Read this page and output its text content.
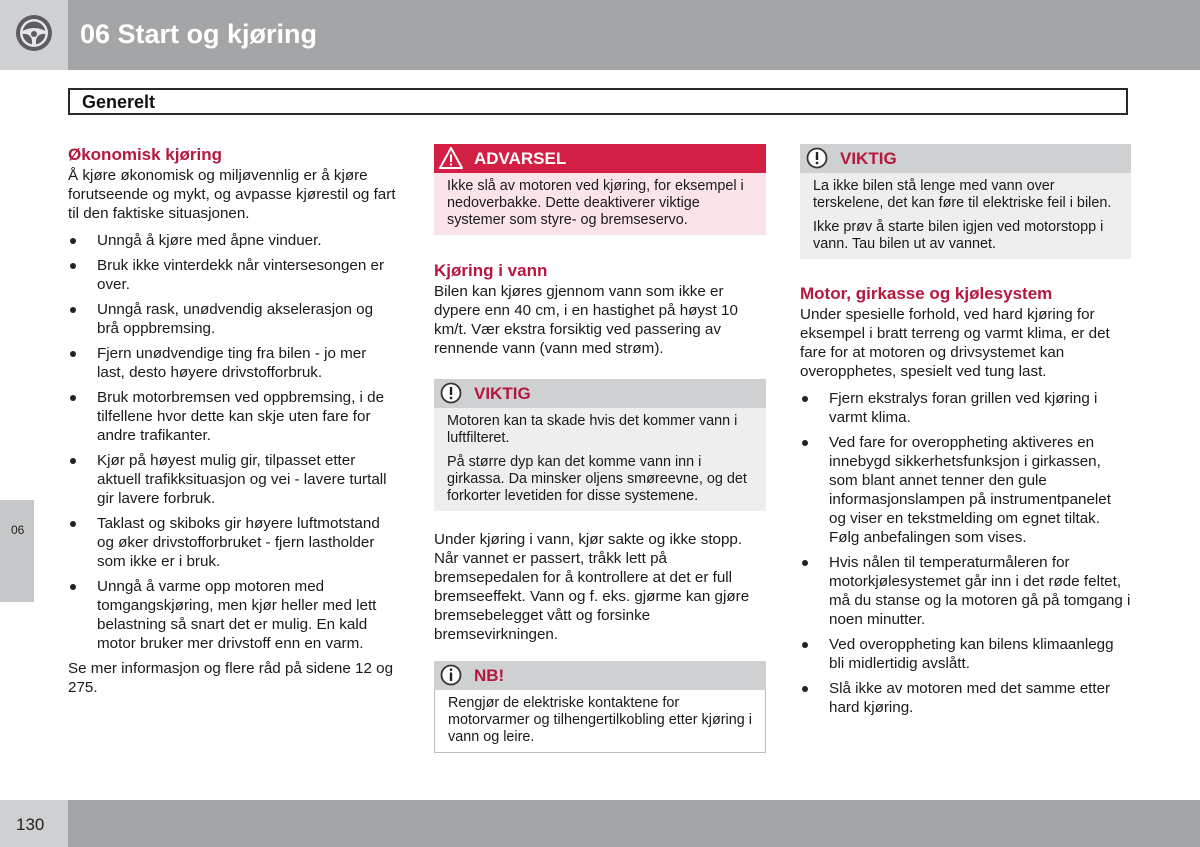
06 Start og kjøring
Generelt
06
Økonomisk kjøring

Å kjøre økonomisk og miljøvennlig er å kjøre forutseende og mykt, og avpasse kjørestil og fart til den faktiske situasjonen.

Unngå å kjøre med åpne vinduer.
Bruk ikke vinterdekk når vintersesongen er over.
Unngå rask, unødvendig akselerasjon og brå oppbremsing.
Fjern unødvendige ting fra bilen - jo mer last, desto høyere drivstofforbruk.
Bruk motorbremsen ved oppbremsing, i de tilfellene hvor dette kan skje uten fare for andre trafikanter.
Kjør på høyest mulig gir, tilpasset etter aktuell trafikksituasjon og vei - lavere turtall gir lavere forbruk.
Taklast og skiboks gir høyere luftmotstand og øker drivstofforbruket - fjern lastholder som ikke er i bruk.
Unngå å varme opp motoren med tomgangskjøring, men kjør heller med lett belastning så snart det er mulig. En kald motor bruker mer drivstoff enn en varm.

Se mer informasjon og flere råd på sidene 12 og 275.

ADVARSEL

Ikke slå av motoren ved kjøring, for eksempel i nedoverbakke. Dette deaktiverer viktige systemer som styre- og bremseservo.

Kjøring i vann

Bilen kan kjøres gjennom vann som ikke er dypere enn 40 cm, i en hastighet på høyst 10 km/t. Vær ekstra forsiktig ved passering av rennende vann (vann med strøm).

VIKTIG

Motoren kan ta skade hvis det kommer vann i luftfilteret.

På større dyp kan det komme vann inn i girkassa. Da minsker oljens smøreevne, og det forkorter levetiden for disse systemene.

Under kjøring i vann, kjør sakte og ikke stopp. Når vannet er passert, tråkk lett på bremsepedalen for å kontrollere at det er full bremseeffekt. Vann og f. eks. gjørme kan gjøre bremsebelegget vått og forsinke bremsevirkningen.

NB!

Rengjør de elektriske kontaktene for motorvarmer og tilhengertilkobling etter kjøring i vann og leire.

VIKTIG

La ikke bilen stå lenge med vann over terskelene, det kan føre til elektriske feil i bilen.

Ikke prøv å starte bilen igjen ved motorstopp i vann. Tau bilen ut av vannet.

Motor, girkasse og kjølesystem

Under spesielle forhold, ved hard kjøring for eksempel i bratt terreng og varmt klima, er det fare for at motoren og drivsystemet kan overopphetes, spesielt ved tung last.

Fjern ekstralys foran grillen ved kjøring i varmt klima.
Ved fare for overoppheting aktiveres en innebygd sikkerhetsfunksjon i girkassen, som blant annet tenner den gule informasjonslampen på instrumentpanelet og viser en tekstmelding om egnet tiltak. Følg anbefalingen som vises.
Hvis nålen til temperaturmåleren for motorkjølesystemet går inn i det røde feltet, må du stanse og la motoren gå på tomgang i noen minutter.
Ved overoppheting kan bilens klimaanlegg bli midlertidig avslått.
Slå ikke av motoren med det samme etter hard kjøring.
130
